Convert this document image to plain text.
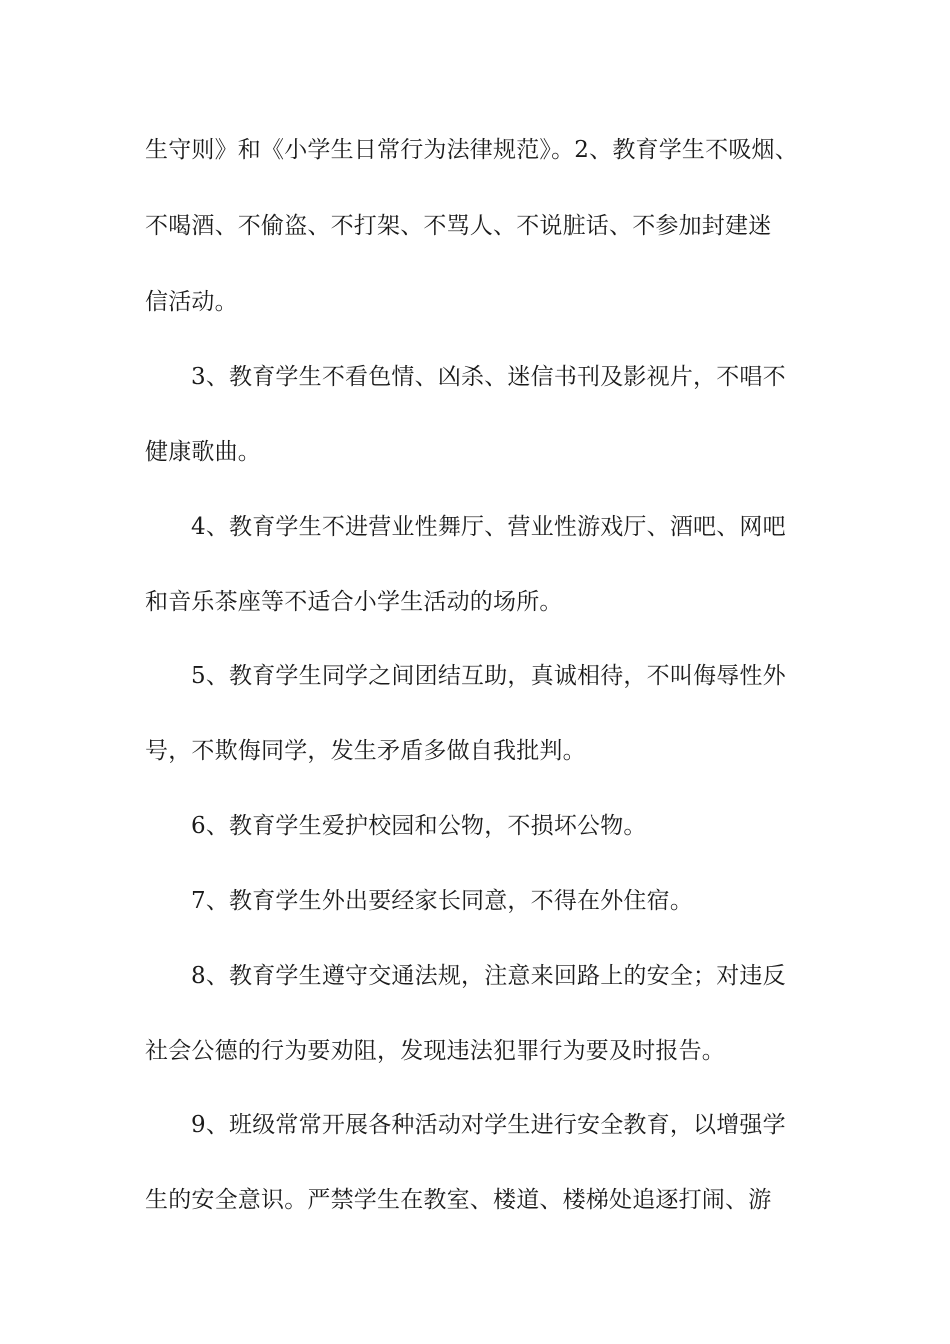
生守则》和《小学生日常行为法律规范》。2、教育学生不吸烟、
不喝酒、不偷盗、不打架、不骂人、不说脏话、不参加封建迷
信活动。
3、教育学生不看色情、凶杀、迷信书刊及影视片，不唱不
健康歌曲。
4、教育学生不进营业性舞厅、营业性游戏厅、酒吧、网吧
和音乐茶座等不适合小学生活动的场所。
5、教育学生同学之间团结互助，真诚相待，不叫侮辱性外
号，不欺侮同学，发生矛盾多做自我批判。
6、教育学生爱护校园和公物，不损坏公物。
7、教育学生外出要经家长同意，不得在外住宿。
8、教育学生遵守交通法规，注意来回路上的安全；对违反
社会公德的行为要劝阻，发现违法犯罪行为要及时报告。
9、班级常常开展各种活动对学生进行安全教育，以增强学
生的安全意识。严禁学生在教室、楼道、楼梯处追逐打闹、游
